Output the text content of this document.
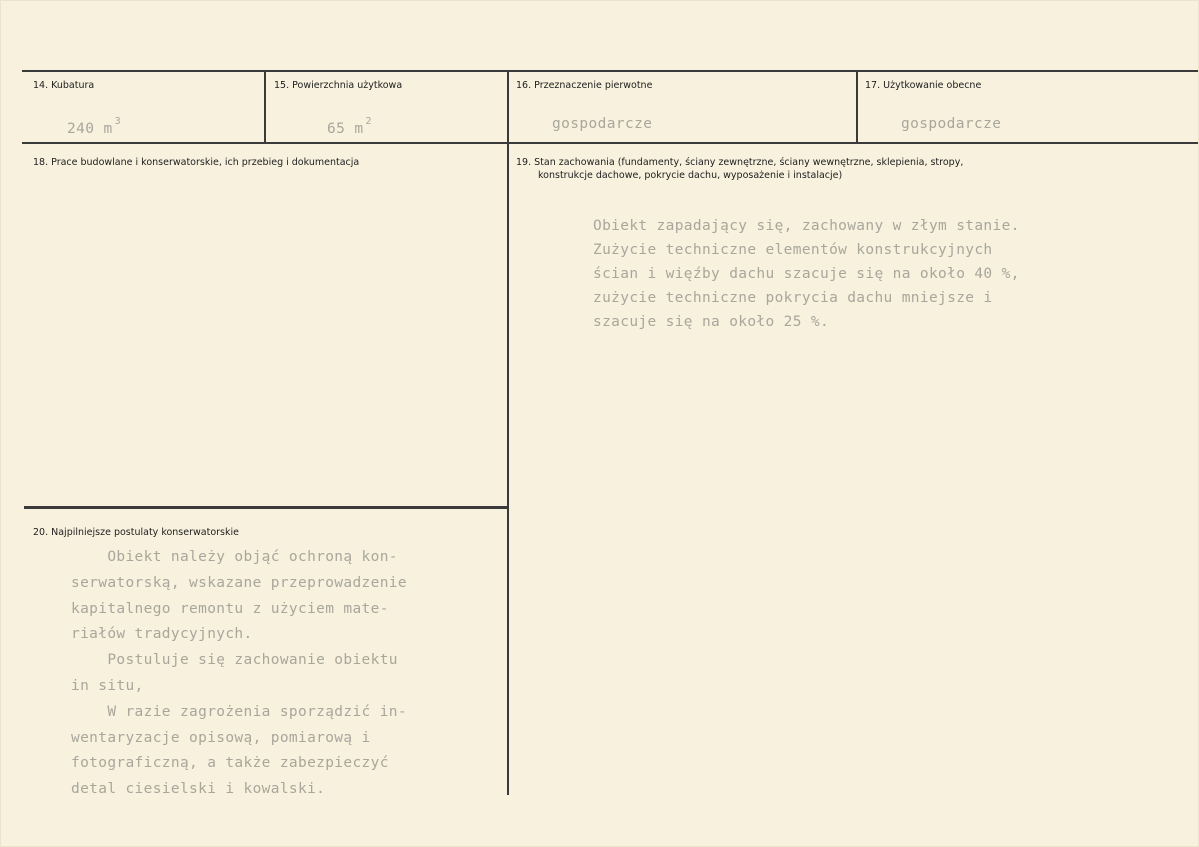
14. Kubatura
240 m $^3$
15. Powierzchnia użytkowa
65 m $^2$
16. Przeznaczenie pierwotne
gospodarcze
17. Użytkowanie obecne
gospodarcze
18. Prace budowlane i konserwatorskie, ich przebieg i dokumentacja	19. Stan zachowania (fundamenty, ściany zewnętrzne, ściany wewnętrzne, sklepienia, stropy,
konstrukcje dachowe, pokrycie dachu, wyposażenie i instalacje)
Obiekt zapadający się, zachowany w złym stanie.
Zużycie techniczne elementów konstrukcyjnych
ścian i więźby dachu szacuje się na około 40 %,
zużycie techniczne pokrycia dachu mniejsze i
szacuje się na około 25 %.
20. Najpilniejsze postulaty konserwatorskie
Obiekt należy objąć ochroną kon-
serwatorską, wskazane przeprowadzenie
kapitalnego remontu z użyciem mate-
riałów tradycyjnych.
Postuluje się zachowanie obiektu
in situ,
W razie zagrożenia sporządzić in-
wentaryzacje opisową, pomiarową i
fotograficzną, a także zabezpieczyć
detal ciesielski i kowalski.
